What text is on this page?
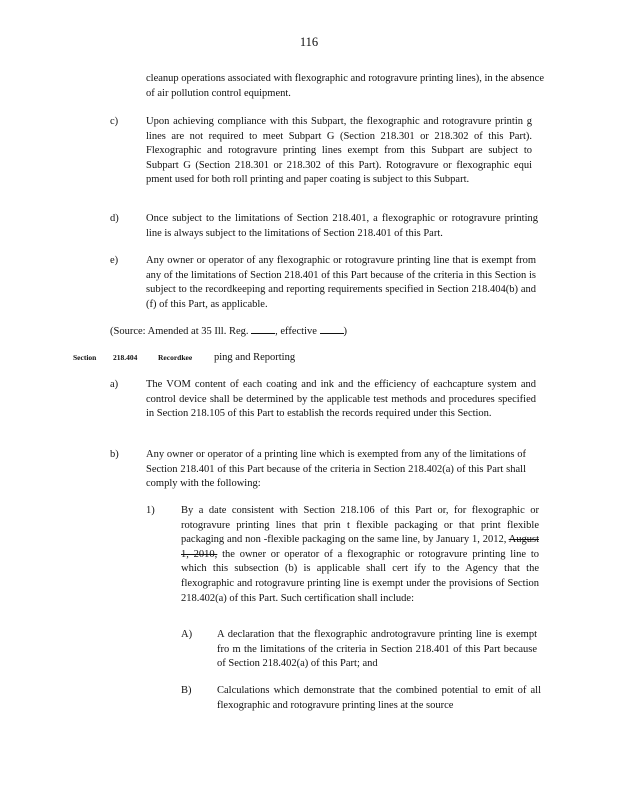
116
cleanup operations associated with flexographic and rotogravure printing lines), in the absence of air pollution control equipment.
c)	Upon achieving compliance with this Subpart, the flexographic and rotogravure printin g lines are not required to meet Subpart G (Section 218.301 or 218.302 of this Part). Flexographic and rotogravure printing lines exempt from this Subpart are subject to Subpart G (Section 218.301 or 218.302 of this Part). Rotogravure or flexographic equi pment used for both roll printing and paper coating is subject to this Subpart.
d)	Once subject to the limitations of Section 218.401, a flexographic or rotogravure printing line is always subject to the limitations of Section 218.401 of this Part.
e)	Any owner or operator of any flexographic or rotogravure printing line that is exempt from any of the limitations of Section 218.401 of this Part because of the criteria in this Section is subject to the recordkeeping and reporting requirements specified in Section 218.404(b) and (f) of this Part, as applicable.
(Source: Amended at 35 Ill. Reg.	, effective	)
Section 218.404	Recordkee ping and Reporting
a)	The VOM content of each coating and ink and the efficiency of eachcapture system and control device shall be determined by the applicable test methods and procedures specified in Section 218.105 of this Part to establish the records required under this Section.
b)	Any owner or operator of a printing line which is exempted from any of the limitations of Section 218.401 of this Part because of the criteria in Section 218.402(a) of this Part shall comply with the following:
1)	By a date consistent with Section 218.106 of this Part or, for flexographic or rotogravure printing lines that prin t flexible packaging or that print flexible packaging and non -flexible packaging on the same line, by January 1, 2012, August 1, 2010, the owner or operator of a flexographic or rotogravure printing line to which this subsection (b) is applicable shall cert ify to the Agency that the flexographic and rotogravure printing line is exempt under the provisions of Section 218.402(a) of this Part. Such certification shall include:
A) A declaration that the flexographic androtogravure printing line is exempt fro m the limitations of the criteria in Section 218.401 of this Part because of Section 218.402(a) of this Part; and
B) Calculations which demonstrate that the combined potential to emit of all flexographic and rotogravure printing lines at the source
